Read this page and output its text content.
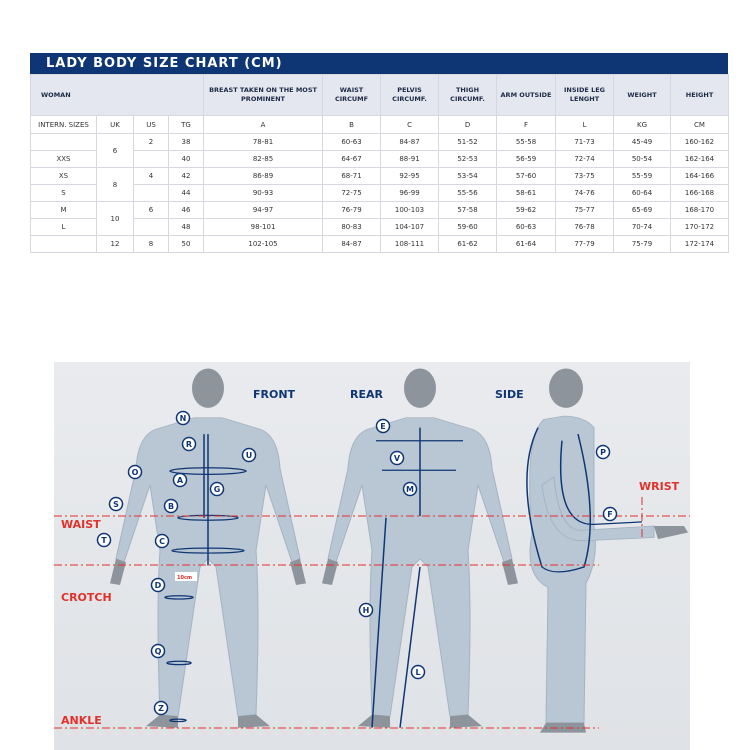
LADY BODY SIZE CHART (CM)
WOMAN				BREAST TAKEN ON THE MOST PROMINENT	WAIST CIRCUMF	PELVIS CIRCUMF.	THIGH CIRCUMF.	ARM OUTSIDE	INSIDE LEG LENGHT	WEIGHT	HEIGHT
INTERN. SIZES	UK	US	TG	A	B	C	D	F	L	KG	CM
	6	2	38	78-81	60-63	84-87	51-52	55-58	71-73	45-49	160-162
XXS			40	82-85	64-67	88-91	52-53	56-59	72-74	50-54	162-164
XS	8	4	42	86-89	68-71	92-95	53-54	57-60	73-75	55-59	164-166
S			44	90-93	72-75	96-99	55-56	58-61	74-76	60-64	166-168
M	10	6	46	94-97	76-79	100-103	57-58	59-62	75-77	65-69	168-170
L			48	98-101	80-83	104-107	59-60	60-63	76-78	70-74	170-172
	12	8	50	102-105	84-87	108-111	61-62	61-64	77-79	75-79	172-174
FRONT	REAR	SIDE
WAIST
CROTCH
ANKLE
WRIST
10cm
N
R
U
O
A
G
S	B
T	C
D
Q
Z
E
V
M
H
L
P
F
